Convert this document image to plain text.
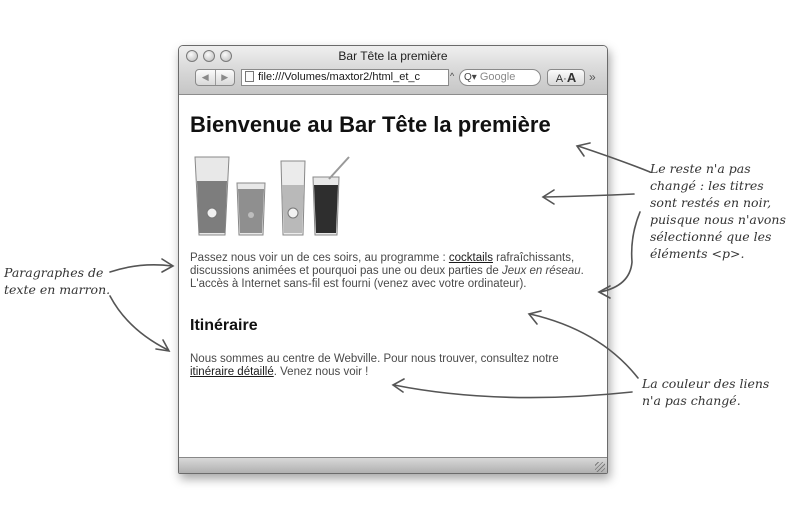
Bar Tête la première
◀	▶	file:///Volumes/maxtor2/html_et_c	^ Q▾ Google	A·A	»
Bienvenue au Bar Tête la première

Passez nous voir un de ces soirs, au programme : cocktails rafraîchissants, discussions animées et pourquoi pas une ou deux parties de Jeux en réseau. L'accès à Internet sans-fil est fourni (venez avec votre ordinateur).

Itinéraire

Nous sommes au centre de Webville. Pour nous trouver, consultez notre itinéraire détaillé. Venez nous voir !

Paragraphes de
texte en marron.
Le reste n'a pas
changé : les titres
sont restés en noir,
puisque nous n'avons
sélectionné que les
éléments <p>.
La couleur des liens
n'a pas changé.
